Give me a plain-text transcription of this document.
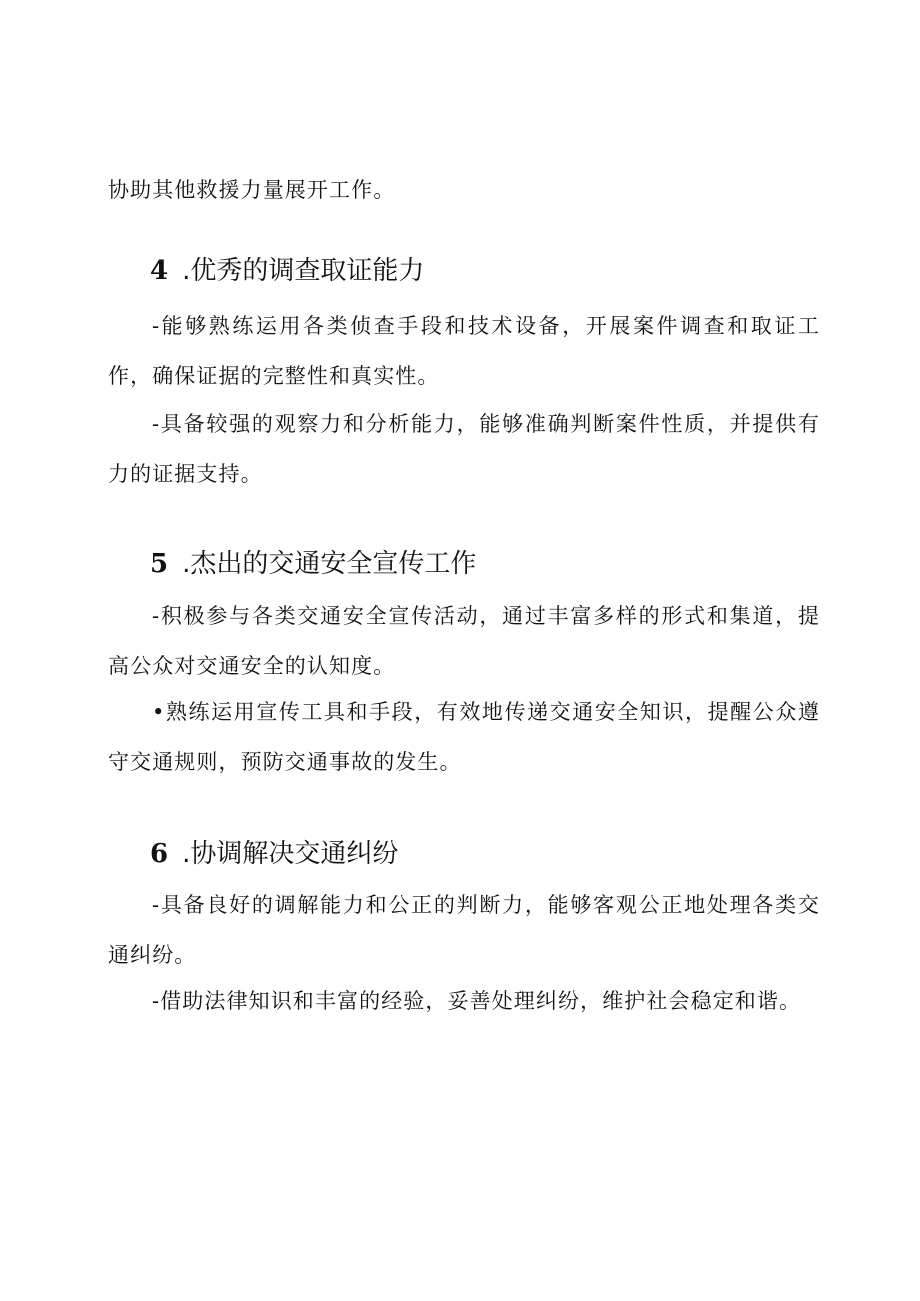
协助其他救援力量展开工作。

4 .优秀的调查取证能力

-能够熟练运用各类侦查手段和技术设备，开展案件调查和取证工作，确保证据的完整性和真实性。

-具备较强的观察力和分析能力，能够准确判断案件性质，并提供有力的证据支持。

5 .杰出的交通安全宣传工作

-积极参与各类交通安全宣传活动，通过丰富多样的形式和集道，提高公众对交通安全的认知度。

•熟练运用宣传工具和手段，有效地传递交通安全知识，提醒公众遵守交通规则，预防交通事故的发生。

6 .协调解决交通纠纷

-具备良好的调解能力和公正的判断力，能够客观公正地处理各类交通纠纷。

-借助法律知识和丰富的经验，妥善处理纠纷，维护社会稳定和谐。
